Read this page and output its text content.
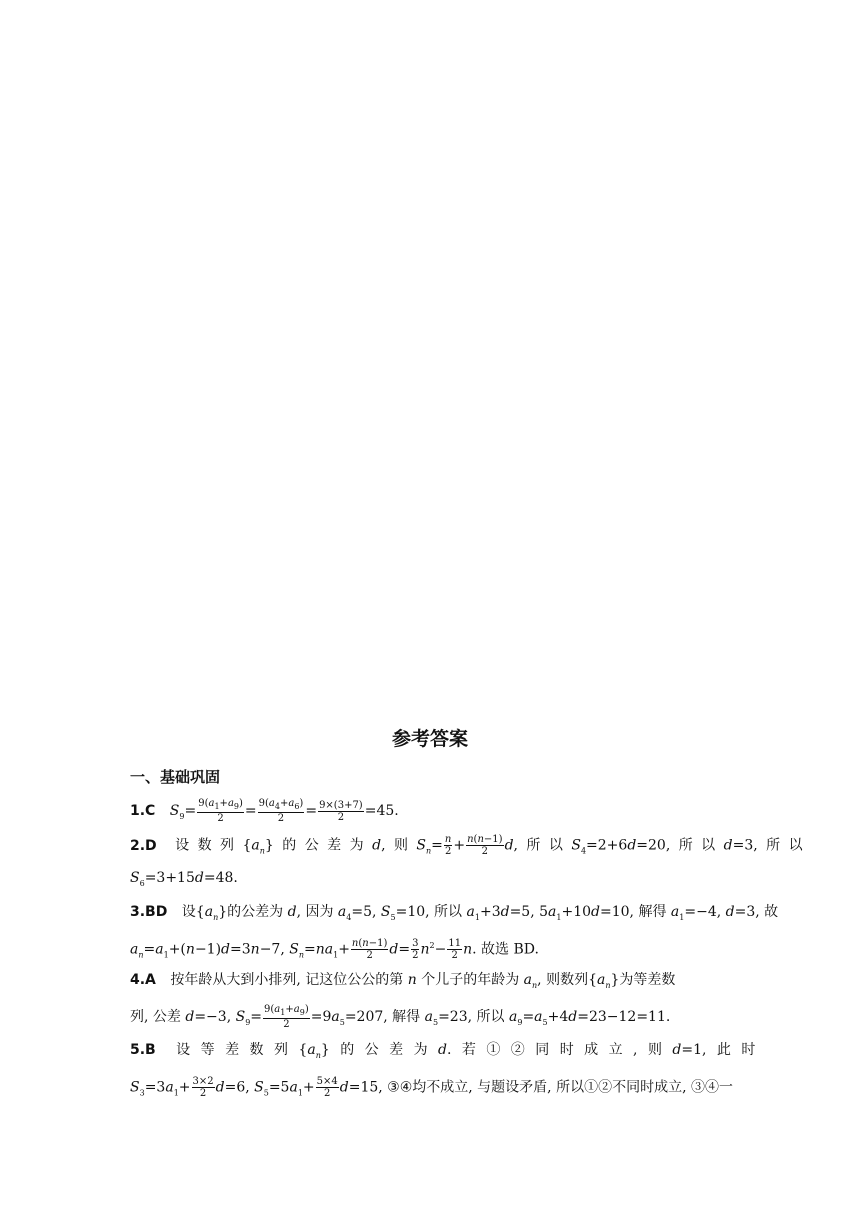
参考答案
一、基础巩固
1.C $S_9= \frac{9(a_1+a_9)}{2} = \frac{9(a_4+a_6)}{2} = \frac{9\times(3+7)}{2} =45$.
2.D 设 数 列 $\{a_n\}$ 的 公 差 为 d, 则 $S_n= \frac{n}{2} + \frac{n(n-1)}{2} d$, 所 以 $S_4=2+6d=20$, 所 以 d=3, 所 以
$S_6=3+15d=48$.
3.BD 设$\{a_n\}$的公差为 d, 因为 $a_4=5$, $S_5=10$, 所以 $a_1+3d=5$, $5a_1+10d=10$, 解得 $a_1=-4$, d=3, 故
$a_n=a_1+(n-1)d=3n-7$, $S_n=na_1+ \frac{n(n-1)}{2} d= \frac{3}{2} n^2- \frac{11}{2} n$. 故选 BD.
4.A 按年龄从大到小排列, 记这位公公的第 n 个儿子的年龄为 $a_n$, 则数列$\{a_n\}$为等差数
列, 公差 d=−3, $S_9= \frac{9(a_1+a_9)}{2} =9a_5=207$, 解得 $a_5=23$, 所以 $a_9=a_5+4d=23-12=11$.
5.B 设 等 差 数 列 $\{a_n\}$ 的 公 差 为 d. 若 ① ② 同 时 成 立 , 则 d=1, 此 时
$S_3=3a_1+ \frac{3\times 2}{2} d=6$, $S_5=5a_1+ \frac{5\times 4}{2} d=15$, ③④均不成立, 与题设矛盾, 所以①②不同时成立, ③④一
